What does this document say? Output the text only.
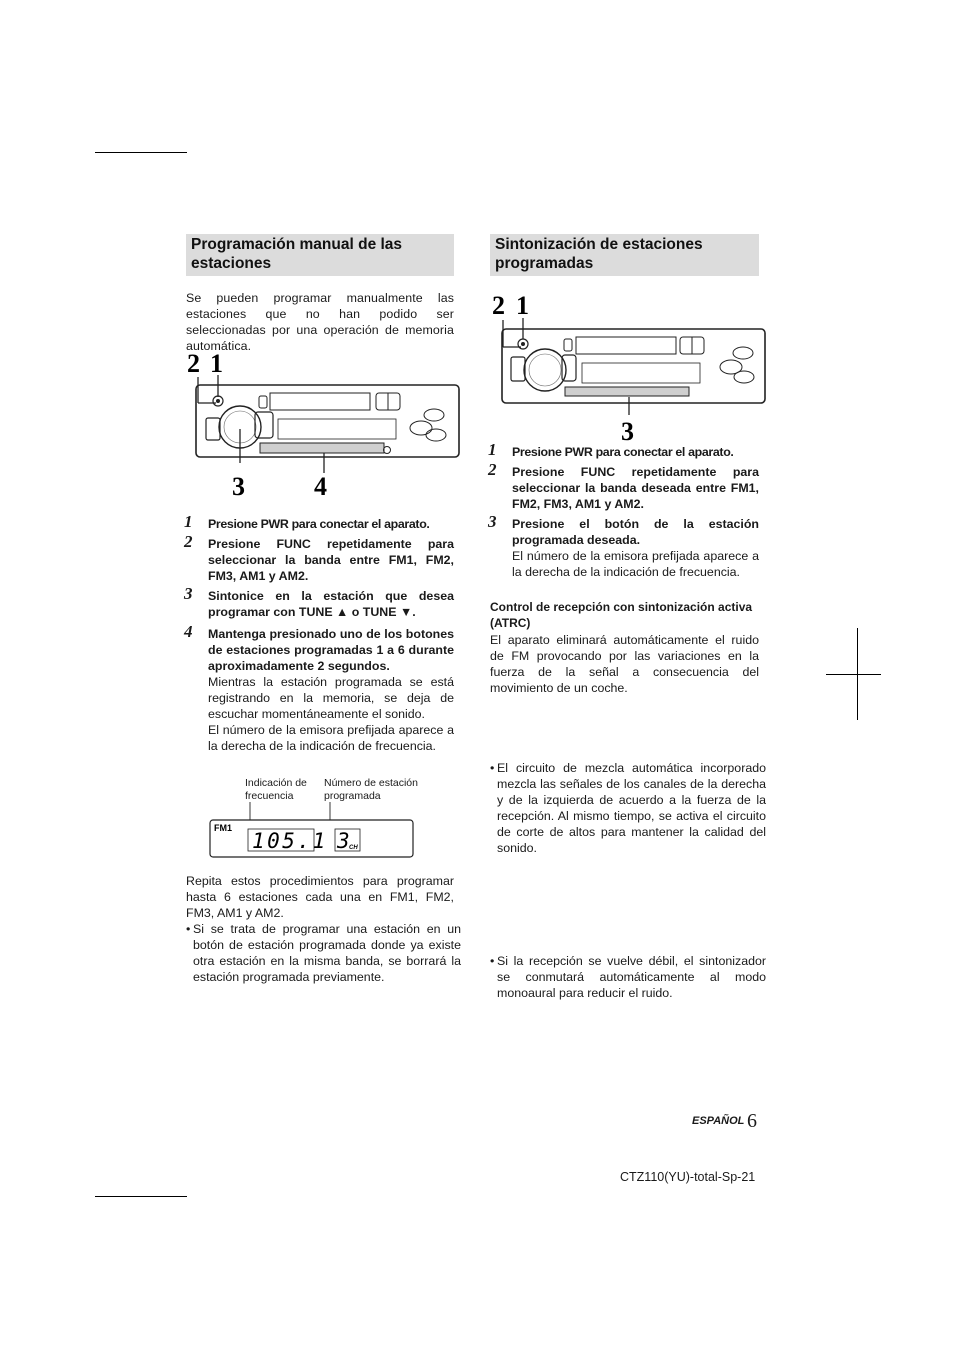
Programación manual de las estaciones
Se pueden programar manualmente las estaciones que no han podido ser seleccionadas por una operación de memoria automática.
2 1
3	4
1 Presione PWR para conectar el aparato.
2 Presione FUNC repetidamente para seleccionar la banda entre FM1, FM2, FM3, AM1 y AM2.
3 Sintonice en la estación que desea programar con TUNE ▲ o TUNE ▼.
4 Mantenga presionado uno de los botones de estaciones programadas 1 a 6 durante aproximadamente 2 segundos.
Mientras la estación programada se está registrando en la memoria, se deja de escuchar momentáneamente el sonido.
El número de la emisora prefijada aparece a la derecha de la indicación de frecuencia.
Indicación de frecuencia
Número de estación programada
FM1
105.1 3 CH
Repita estos procedimientos para programar hasta 6 estaciones cada una en FM1, FM2, FM3, AM1 y AM2.
• Si se trata de programar una estación en un botón de estación programada donde ya existe otra estación en la misma banda, se borrará la estación programada previamente.
Sintonización de estaciones programadas
2 1
3
1 Presione PWR para conectar el aparato.
2 Presione FUNC repetidamente para seleccionar la banda deseada entre FM1, FM2, FM3, AM1 y AM2.
3 Presione el botón de la estación programada deseada.
El número de la emisora prefijada aparece a la derecha de la indicación de frecuencia.
Control de recepción con sintonización activa (ATRC)
El aparato eliminará automáticamente el ruido de FM provocando por las variaciones en la fuerza de la señal a consecuencia del movimiento de un coche.
• El circuito de mezcla automática incorporado mezcla las señales de los canales de la derecha y de la izquierda de acuerdo a la fuerza de la recepción. Al mismo tiempo, se activa el circuito de corte de altos para mantener la calidad del sonido.
• Si la recepción se vuelve débil, el sintonizador se conmutará automáticamente al modo monoaural para reducir el ruido.
ESPAÑOL 6
CTZ110(YU)-total-Sp-21
